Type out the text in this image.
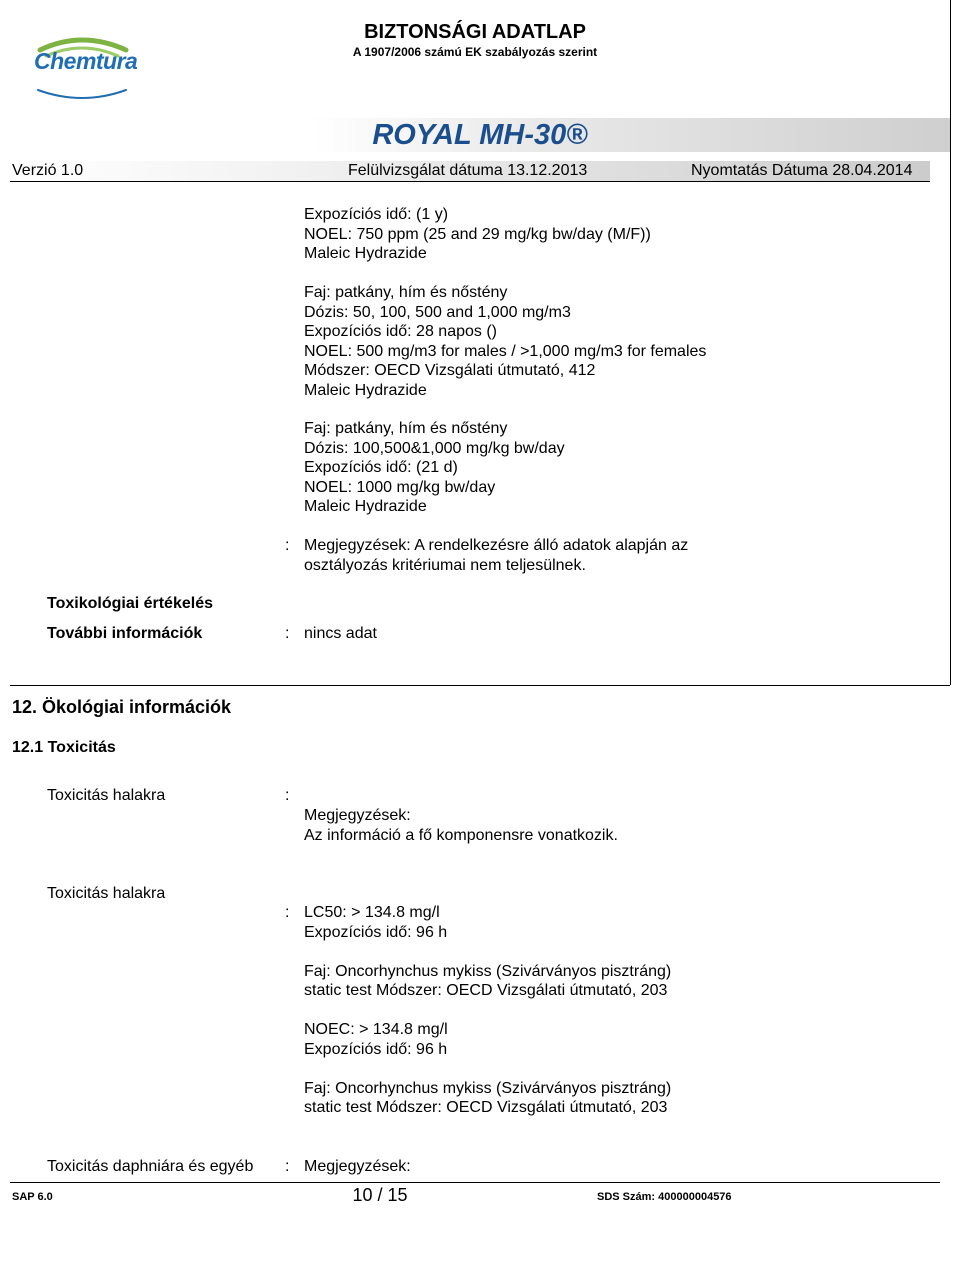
Chemtura
BIZTONSÁGI ADATLAP
A 1907/2006 számú EK szabályozás szerint
ROYAL MH-30®
Verzió 1.0	Felülvizsgálat dátuma 13.12.2013	Nyomtatás Dátuma 28.04.2014
Expozíciós idő: (1 y)
NOEL: 750 ppm (25 and 29 mg/kg bw/day (M/F))
Maleic Hydrazide
Faj: patkány, hím és nőstény
Dózis: 50, 100, 500 and 1,000 mg/m3
Expozíciós idő: 28 napos ()
NOEL: 500 mg/m3 for males / >1,000 mg/m3 for females
Módszer: OECD Vizsgálati útmutató, 412
Maleic Hydrazide
Faj: patkány, hím és nőstény
Dózis: 100,500&1,000 mg/kg bw/day
Expozíciós idő: (21 d)
NOEL: 1000 mg/kg bw/day
Maleic Hydrazide
: Megjegyzések: A rendelkezésre álló adatok alapján az
osztályozás kritériumai nem teljesülnek.
Toxikológiai értékelés
További információk	: nincs adat
12. Ökológiai információk
12.1 Toxicitás
Toxicitás halakra	:
Megjegyzések:
Az információ a fő komponensre vonatkozik.
Toxicitás halakra
: LC50: > 134.8 mg/l
Expozíciós idő: 96 h
Faj: Oncorhynchus mykiss (Szivárványos pisztráng)
static test Módszer: OECD Vizsgálati útmutató, 203
NOEC: > 134.8 mg/l
Expozíciós idő: 96 h
Faj: Oncorhynchus mykiss (Szivárványos pisztráng)
static test Módszer: OECD Vizsgálati útmutató, 203
Toxicitás daphniára és egyéb : Megjegyzések:
SAP 6.0	10 / 15	SDS Szám: 400000004576
